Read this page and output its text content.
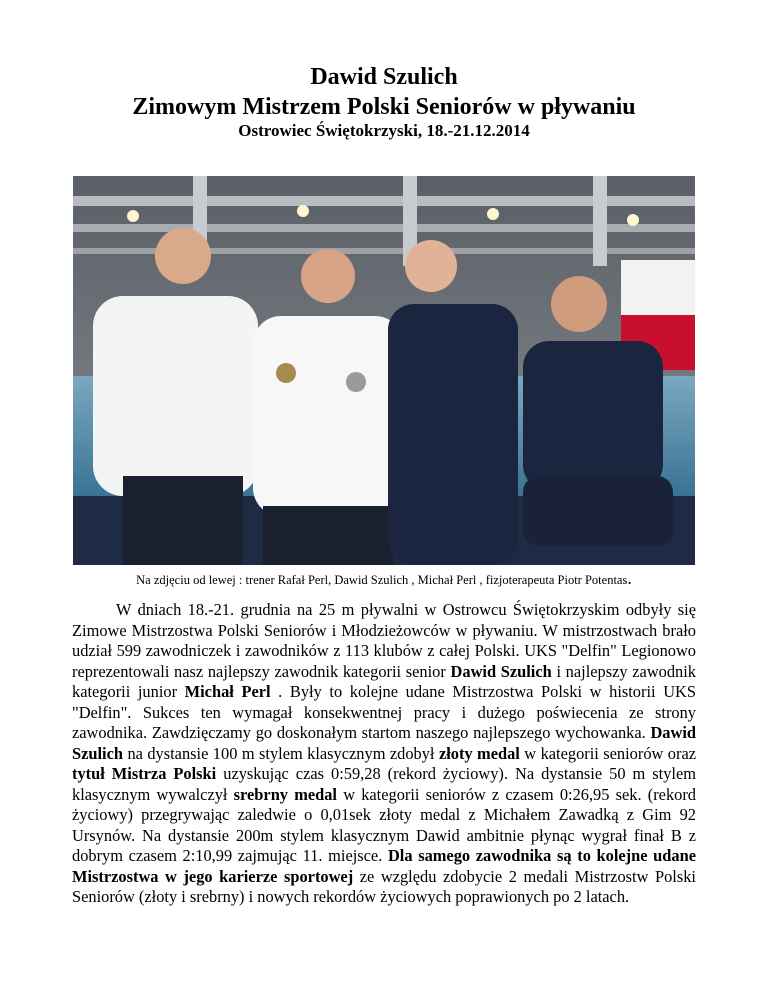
Dawid Szulich
Zimowym Mistrzem Polski Seniorów w pływaniu
Ostrowiec Świętokrzyski, 18.-21.12.2014
Na zdjęciu od lewej : trener Rafał Perl, Dawid Szulich , Michał Perl , fizjoterapeuta Piotr Potentas.

W dniach 18.-21. grudnia na 25 m pływalni w Ostrowcu Świętokrzyskim odbyły się Zimowe Mistrzostwa Polski Seniorów i Młodzieżowców w pływaniu. W mistrzostwach brało udział 599 zawodniczek i zawodników z 113 klubów z całej Polski. UKS "Delfin" Legionowo reprezentowali nasz najlepszy zawodnik kategorii senior Dawid Szulich i najlepszy zawodnik kategorii junior Michał Perl . Były to kolejne udane Mistrzostwa Polski w historii UKS "Delfin". Sukces ten wymagał konsekwentnej pracy i dużego poświecenia ze strony zawodnika. Zawdzięczamy go doskonałym startom naszego najlepszego wychowanka. Dawid Szulich na dystansie 100 m stylem klasycznym zdobył złoty medal w kategorii seniorów oraz tytuł Mistrza Polski uzyskując czas 0:59,28 (rekord życiowy). Na dystansie 50 m stylem klasycznym wywalczył srebrny medal w kategorii seniorów z czasem 0:26,95 sek. (rekord życiowy) przegrywając zaledwie o 0,01sek złoty medal z Michałem Zawadką z Gim 92 Ursynów. Na dystansie 200m stylem klasycznym Dawid ambitnie płynąc wygrał finał B z dobrym czasem 2:10,99 zajmując 11. miejsce. Dla samego zawodnika są to kolejne udane Mistrzostwa w jego karierze sportowej ze względu zdobycie 2 medali Mistrzostw Polski Seniorów (złoty i srebrny) i nowych rekordów życiowych poprawionych po 2 latach.
